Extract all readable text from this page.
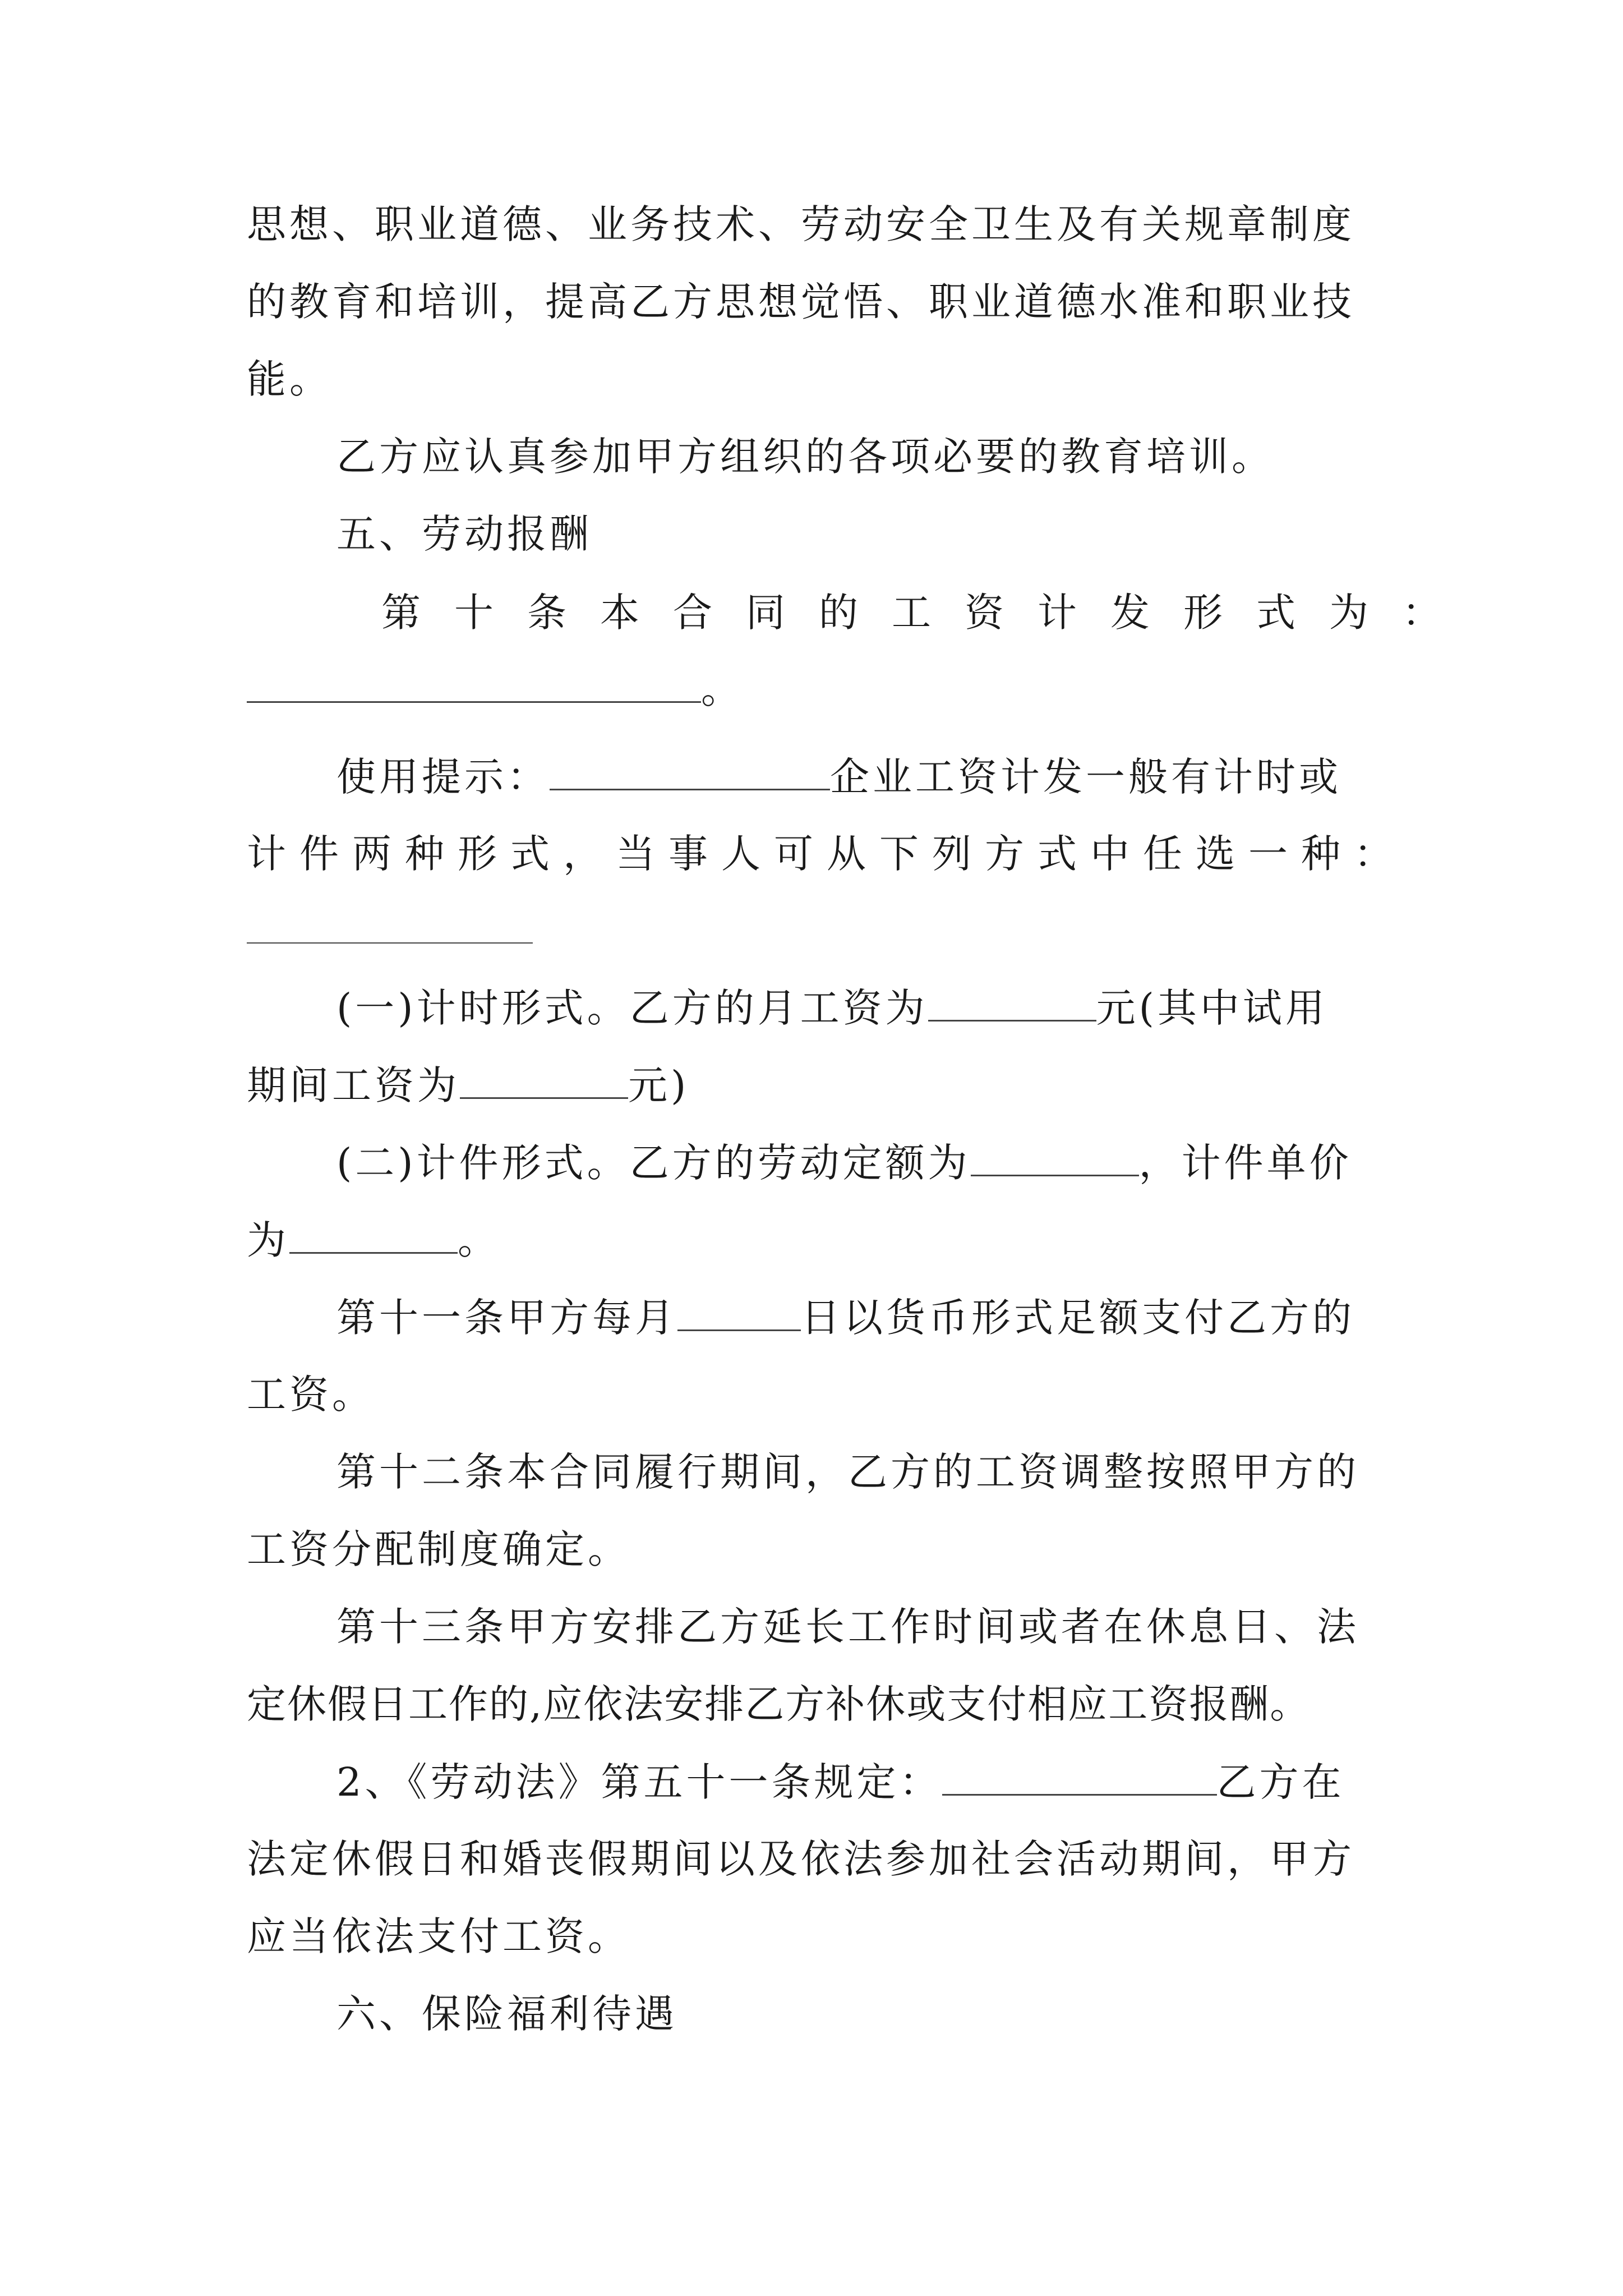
思想、职业道德、业务技术、劳动安全卫生及有关规章制度
的教育和培训，提高乙方思想觉悟、职业道德水准和职业技
能。
乙方应认真参加甲方组织的各项必要的教育培训。
五、劳动报酬
第十条本合同的工资计发形式为：
。
使用提示：	企业工资计发一般有计时或
计件两种形式，当事人可从下列方式中任选一种：
(一)计时形式。乙方的月工资为	元(其中试用
期间工资为	元)
(二)计件形式。乙方的劳动定额为	，计件单价
为	。
第十一条甲方每月	日以货币形式足额支付乙方的
工资。
第十二条本合同履行期间，乙方的工资调整按照甲方的
工资分配制度确定。
第十三条甲方安排乙方延长工作时间或者在休息日、法
定休假日工作的,应依法安排乙方补休或支付相应工资报酬。
2、《劳动法》第五十一条规定：	乙方在
法定休假日和婚丧假期间以及依法参加社会活动期间，甲方
应当依法支付工资。
六、保险福利待遇
